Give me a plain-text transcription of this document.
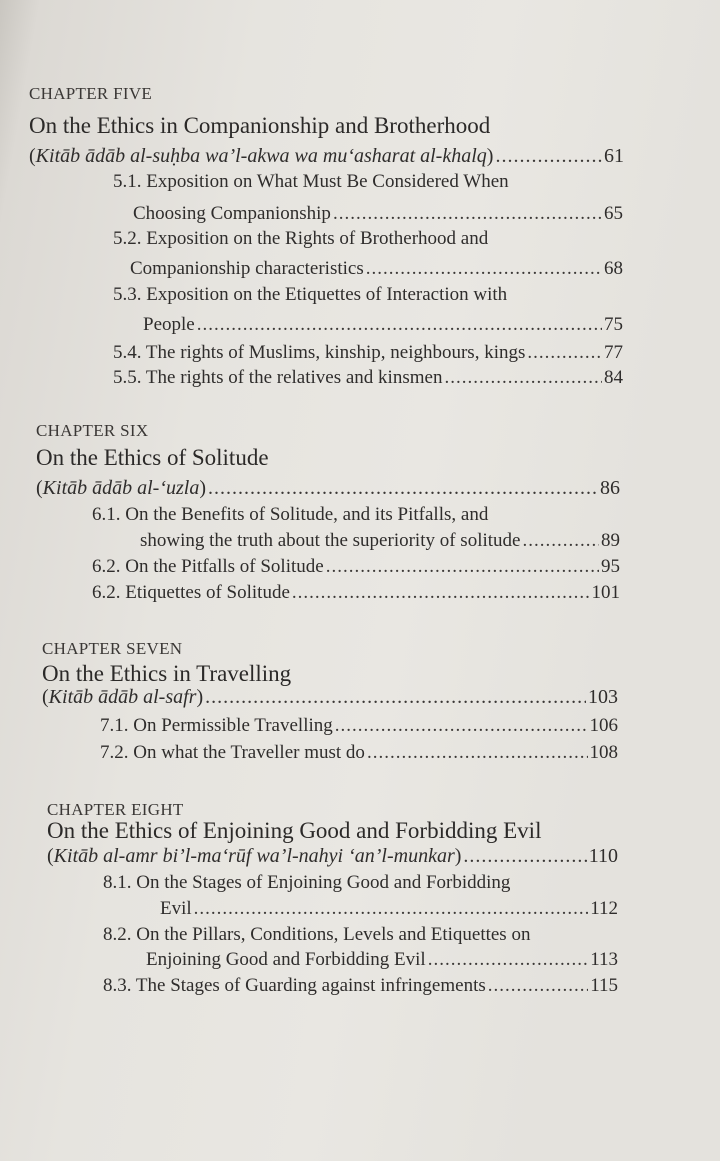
CHAPTER FIVE
On the Ethics in Companionship and Brotherhood
(Kitāb ādāb al-suḥba wa’l-akwa wa mu‘asharat al-khalq) .....	61
5.1. Exposition on What Must Be Considered When
Choosing Companionship .....	65
5.2. Exposition on the Rights of Brotherhood and
Companionship characteristics .....	68
5.3. Exposition on the Etiquettes of Interaction with
People .....	75
5.4. The rights of Muslims, kinship, neighbours, kings .....	77
5.5. The rights of the relatives and kinsmen .....	84
CHAPTER SIX
On the Ethics of Solitude
(Kitāb ādāb al-‘uzla) .....	86
6.1. On the Benefits of Solitude, and its Pitfalls, and
showing the truth about the superiority of solitude .....	89
6.2. On the Pitfalls of Solitude .....	95
6.2. Etiquettes of Solitude .....	101
CHAPTER SEVEN
On the Ethics in Travelling
(Kitāb ādāb al-safr) .....	103
7.1. On Permissible Travelling .....	106
7.2. On what the Traveller must do .....	108
CHAPTER EIGHT
On the Ethics of Enjoining Good and Forbidding Evil
(Kitāb al-amr bi’l-ma‘rūf wa’l-nahyi ‘an’l-munkar) .....	110
8.1. On the Stages of Enjoining Good and Forbidding
Evil .....	112
8.2. On the Pillars, Conditions, Levels and Etiquettes on
Enjoining Good and Forbidding Evil .....	113
8.3. The Stages of Guarding against infringements .....	115
